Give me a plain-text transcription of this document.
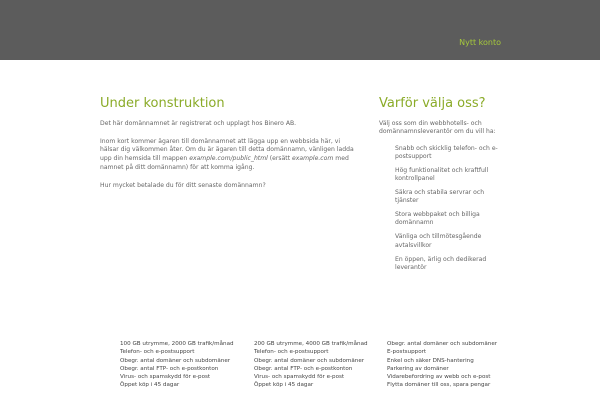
Nytt konto
Under konstruktion

Det här domännamnet är registrerat och upplagt hos Binero AB.

Inom kort kommer ägaren till domännamnet att lägga upp en webbsida här, vi hälsar dig välkommen åter. Om du är ägaren till detta domännamn, vänligen ladda upp din hemsida till mappen example.com/public_html (ersätt example.com med namnet på ditt domännamn) för att komma igång.

Hur mycket betalade du för ditt senaste domännamn?

Varför välja oss?

Välj oss som din webbhotells- och domännamnsleverantör om du vill ha:

Snabb och skicklig telefon- och e-postsupport
Hög funktionalitet och kraftfull kontrollpanel
Säkra och stabila servrar och tjänster
Stora webbpaket och billiga domännamn
Vänliga och tillmötesgående avtalsvillkor
En öppen, ärlig och dedikerad leverantör
100 GB utrymme, 2000 GB trafik/månad
Telefon- och e-postsupport
Obegr. antal domäner och subdomäner
Obegr. antal FTP- och e-postkonton
Virus- och spamskydd för e-post
Öppet köp i 45 dagar
200 GB utrymme, 4000 GB trafik/månad
Telefon- och e-postsupport
Obegr. antal domäner och subdomäner
Obegr. antal FTP- och e-postkonton
Virus- och spamskydd för e-post
Öppet köp i 45 dagar
Obegr. antal domäner och subdomäner
E-postsupport
Enkel och säker DNS-hantering
Parkering av domäner
Vidarebefordring av webb och e-post
Flytta domäner till oss, spara pengar
